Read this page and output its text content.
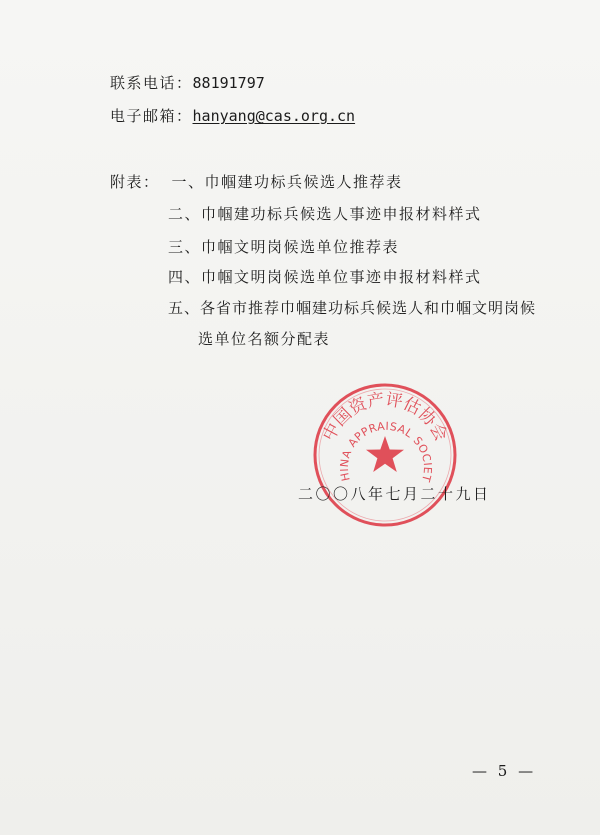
联系电话：88191797
电子邮箱：hanyang@cas.org.cn
附表： 一、巾帼建功标兵候选人推荐表
二、巾帼建功标兵候选人事迹申报材料样式
三、巾帼文明岗候选单位推荐表
四、巾帼文明岗候选单位事迹申报材料样式
五、各省市推荐巾帼建功标兵候选人和巾帼文明岗候
选单位名额分配表
中国资产评估协会
HINA APPRAISAL SOCIET
二〇〇八年七月二十九日
— 5 —
